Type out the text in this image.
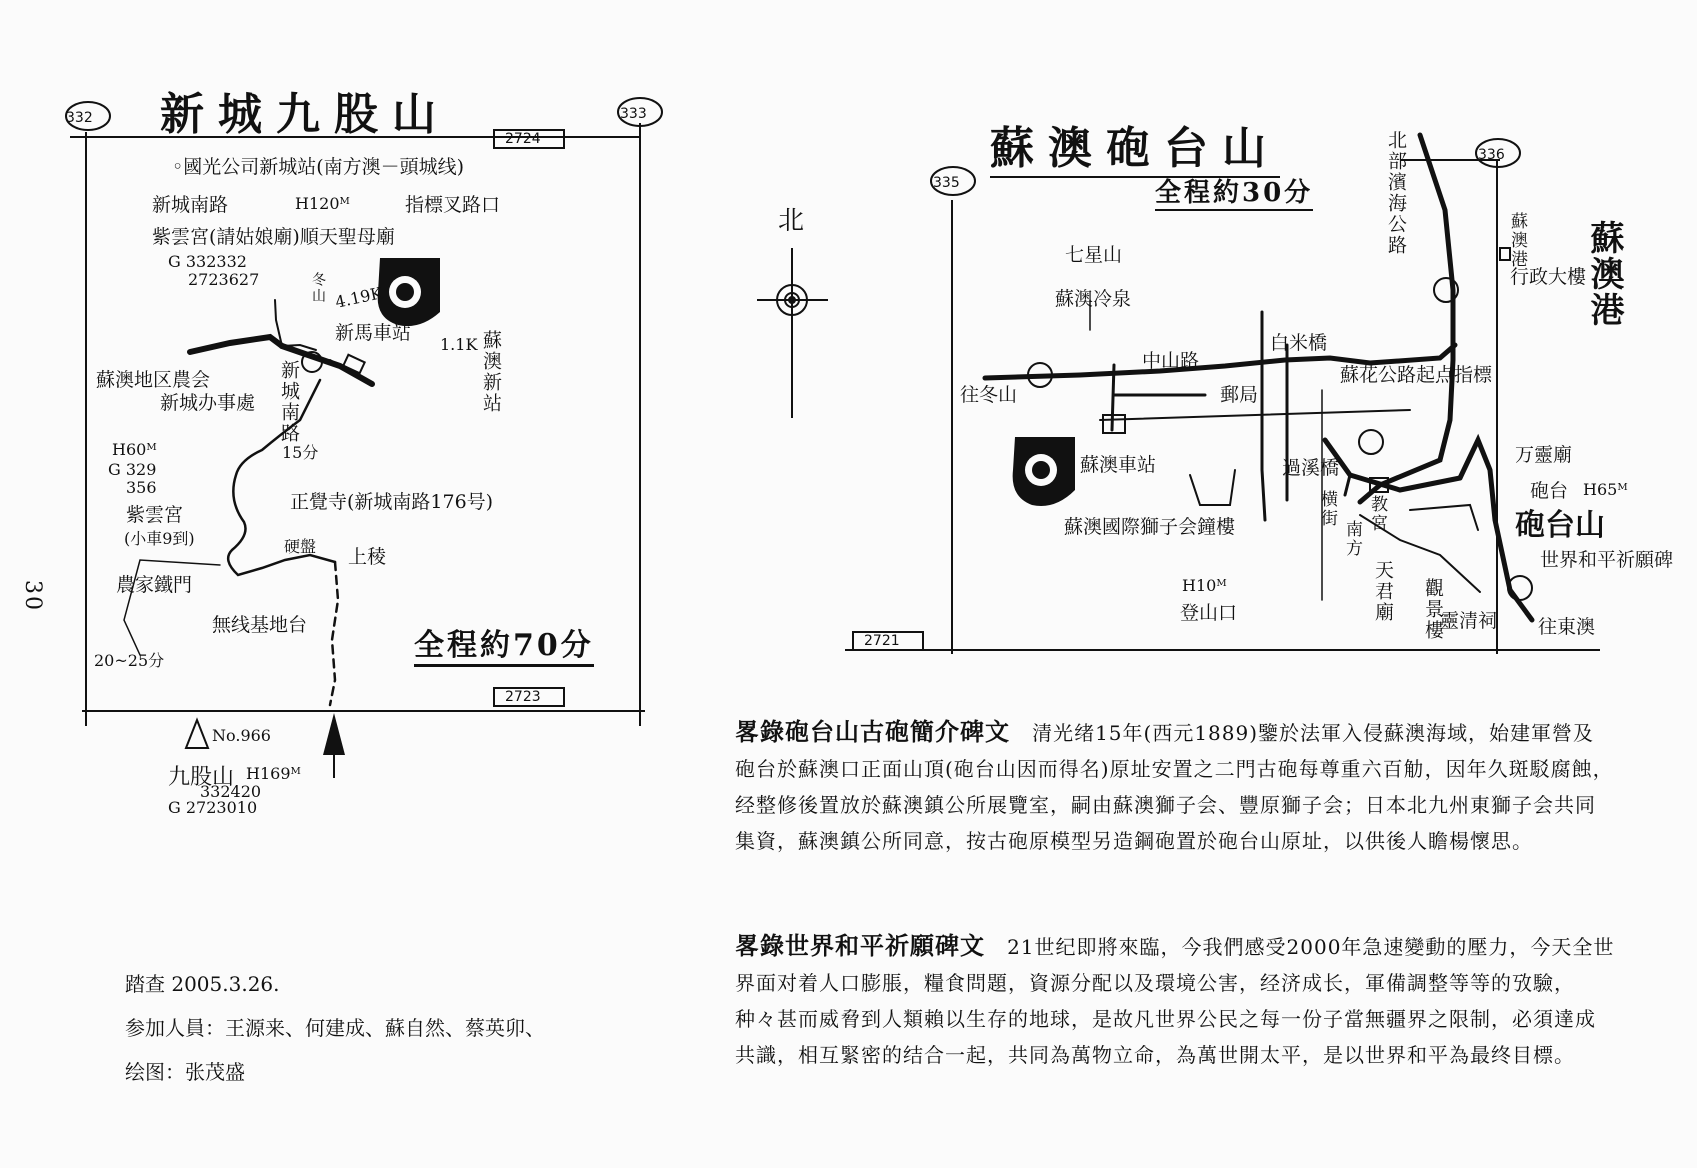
30
332	333
2724
2723
新城九股山
◦國光公司新城站(南方澳－頭城线)
新城南路	H120ᴹ	指標叉路口
紫雲宮(請姑娘廟)順天聖母廟
G 332332
2723627	冬山 4.19K
新馬車站
1.1K 蘇澳新站
蘇澳地区農会
新城办事處 新城南路
H60ᴹ
G 329
356
15分
紫雲宮
(小車9到)
正覺寺(新城南路176号)
農家鐵門
硬盤 上稜
無线基地台
20~25分	全程約70分
No.966
九股山 H169ᴹ
332420
G 2723010
北
335
336
2721
蘇澳砲台山
全程約30分	北部濱海公路
七星山
蘇澳冷泉
中山路
白米橋
往冬山	郵局
蘇花公路起点指標
蘇澳港
行政大樓
蘇澳港
蘇澳車站	過溪橋
蘇澳國際獅子会鐘樓
万靈廟
砲台 H65ᴹ
砲台山
世界和平祈願碑
横街
南方
教宮
H10ᴹ
登山口	天君廟 觀景樓
靈清祠 往東澳
畧錄砲台山古砲簡介碑文 清光绪15年(西元1889)鑒於法軍入侵蘇澳海域，始建軍營及砲台於蘇澳口正面山頂(砲台山因而得名)原址安置之二門古砲每尊重六百觔，因年久斑駁腐蝕，经整修後置放於蘇澳鎮公所展覽室，嗣由蘇澳獅子会、豐原獅子会；日本北九州東獅子会共同集資，蘇澳鎮公所同意，按古砲原模型另造鋼砲置於砲台山原址，以供後人瞻楊懷思。
畧錄世界和平祈願碑文 21世纪即將來臨，今我們感受2000年急速變動的壓力，今天全世界面对着人口膨脹，糧食問題，資源分配以及環境公害，经济成长，軍備調整等等的攷驗，种々甚而威脅到人類賴以生存的地球，是故凡世界公民之每一份子當無疆界之限制，必須達成共識，相互緊密的结合一起，共同為萬物立命，為萬世開太平，是以世界和平為最终目標。
踏查 2005.3.26.
参加人員：王源来、何建成、蘇自然、蔡英卯、
绘图：张茂盛
